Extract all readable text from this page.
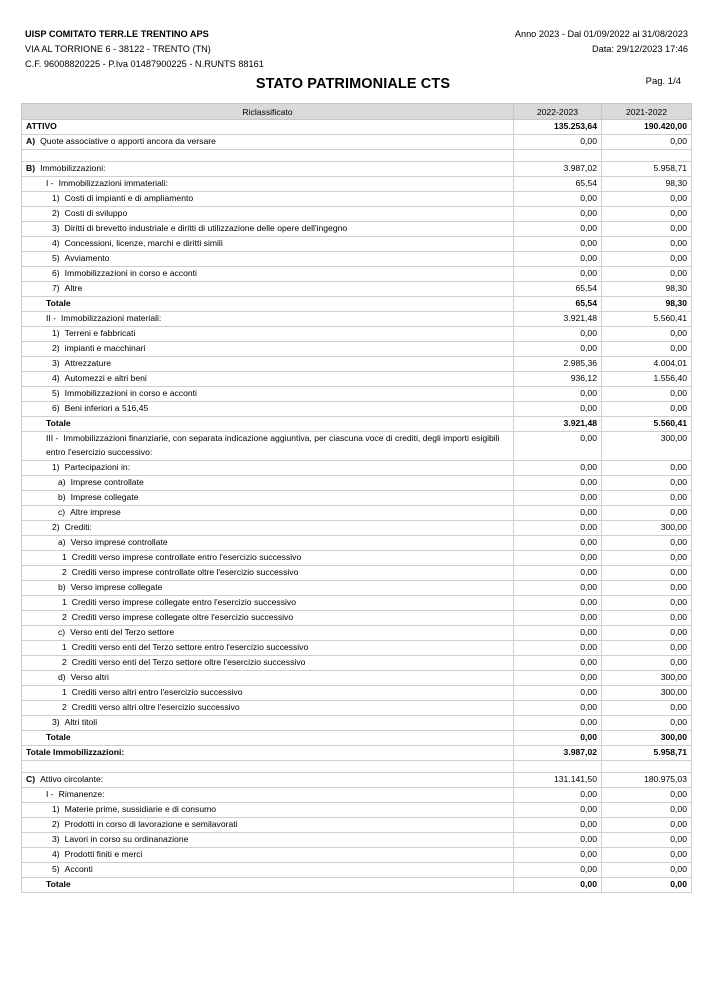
UISP COMITATO TERR.LE TRENTINO APS
VIA AL TORRIONE 6 - 38122 - TRENTO (TN)
C.F. 96008820225 - P.Iva 01487900225 - N.RUNTS 88161
Anno 2023 - Dal 01/09/2022 al 31/08/2023
Data: 29/12/2023 17:46
STATO PATRIMONIALE CTS	Pag. 1/4
Riclassificato	2022-2023	2021-2022
ATTIVO	135.253,64	190.420,00
A) Quote associative o apporti ancora da versare	0,00	0,00

B) Immobilizzazioni:	3.987,02	5.958,71
I - Immobilizzazioni immateriali:	65,54	98,30
1) Costi di impianti e di ampliamento	0,00	0,00
2) Costi di sviluppo	0,00	0,00
3) Diritti di brevetto industriale e diritti di utilizzazione delle opere dell'ingegno	0,00	0,00
4) Concessioni, licenze, marchi e diritti simili	0,00	0,00
5) Avviamento	0,00	0,00
6) Immobilizzazioni in corso e acconti	0,00	0,00
7) Altre	65,54	98,30
Totale	65,54	98,30
II - Immobilizzazioni materiali:	3.921,48	5.560,41
1) Terreni e fabbricati	0,00	0,00
2) impianti e macchinari	0,00	0,00
3) Attrezzature	2.985,36	4.004,01
4) Automezzi e altri beni	936,12	1.556,40
5) Immobilizzazioni in corso e acconti	0,00	0,00
6) Beni inferiori a 516,45	0,00	0,00
Totale	3.921,48	5.560,41
III - Immobilizzazioni finanziarie, con separata indicazione aggiuntiva, per ciascuna voce di crediti, degli importi esigibili entro l'esercizio successivo:	0,00	300,00
1) Partecipazioni in:	0,00	0,00
a) Imprese controllate	0,00	0,00
b) Imprese collegate	0,00	0,00
c) Altre imprese	0,00	0,00
2) Crediti:	0,00	300,00
a) Verso imprese controllate	0,00	0,00
1 Crediti verso imprese controllate entro l'esercizio successivo	0,00	0,00
2 Crediti verso imprese controllate oltre l'esercizio successivo	0,00	0,00
b) Verso imprese collegate	0,00	0,00
1 Crediti verso imprese collegate entro l'esercizio successivo	0,00	0,00
2 Crediti verso imprese collegate oltre l'esercizio successivo	0,00	0,00
c) Verso enti del Terzo settore	0,00	0,00
1 Crediti verso enti del Terzo settore entro l'esercizio successivo	0,00	0,00
2 Crediti verso enti del Terzo settore oltre l'esercizio successivo	0,00	0,00
d) Verso altri	0,00	300,00
1 Crediti verso altri entro l'esercizio successivo	0,00	300,00
2 Crediti verso altri oltre l'esercizio successivo	0,00	0,00
3) Altri titoli	0,00	0,00
Totale	0,00	300,00
Totale Immobilizzazioni:	3.987,02	5.958,71

C) Attivo circolante:	131.141,50	180.975,03
I - Rimanenze:	0,00	0,00
1) Materie prime, sussidiarie e di consumo	0,00	0,00
2) Prodotti in corso di lavorazione e semilavorati	0,00	0,00
3) Lavori in corso su ordinanazione	0,00	0,00
4) Prodotti finiti e merci	0,00	0,00
5) Acconti	0,00	0,00
Totale	0,00	0,00
